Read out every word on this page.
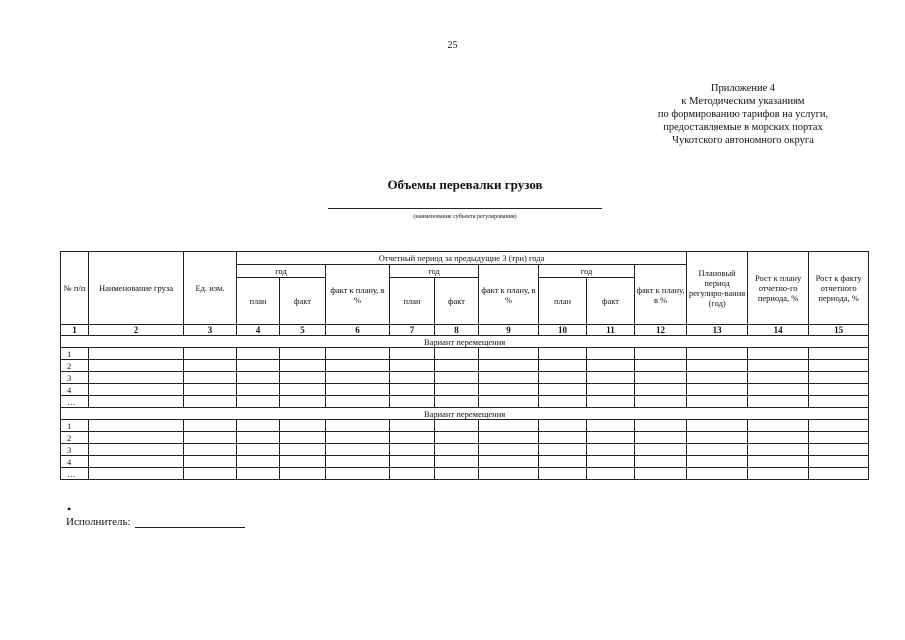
25
Приложение 4
к Методическим указаниям
по формированию тарифов на услуги,
предоставляемые в морских портах
Чукотского автономного округа
Объемы перевалки грузов
(наименование субъекта регулирования)
№ п/п	Наименование груза	Ед. изм.	Отчетный период за предыдущие 3 (три) года									Плановый период регулиро-вания (год)	Рост к плану отчетно-го периода, %	Рост к факту отчетного периода, %
			год		факт к плану, в %	год		факт к плану, в %	год		факт к плану, в %			
			план	факт		план	факт		план	факт				
1	2	3	4	5	6	7	8	9	10	11	12	13	14	15
Вариант перемещения														
1														
2														
3														
4														
…														
Вариант перемещения														
1														
2														
3														
4														
…														
•
Исполнитель:
